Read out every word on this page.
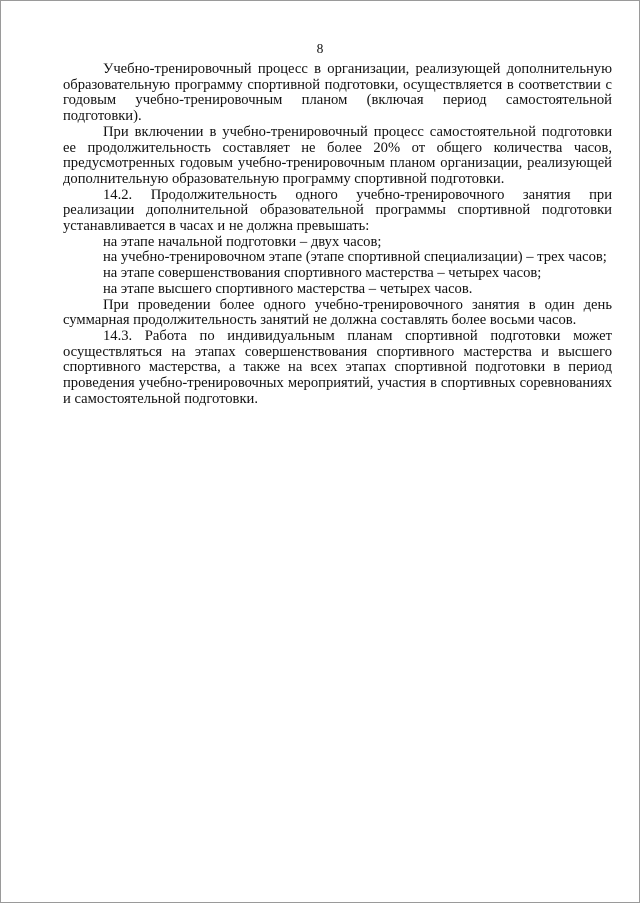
8

Учебно-тренировочный процесс в организации, реализующей дополнительную образовательную программу спортивной подготовки, осуществляется в соответствии с годовым учебно-тренировочным планом (включая период самостоятельной подготовки).

При включении в учебно-тренировочный процесс самостоятельной подготовки ее продолжительность составляет не более 20% от общего количества часов, предусмотренных годовым учебно-тренировочным планом организации, реализующей дополнительную образовательную программу спортивной подготовки.

14.2. Продолжительность одного учебно-тренировочного занятия при реализации дополнительной образовательной программы спортивной подготовки устанавливается в часах и не должна превышать:

на этапе начальной подготовки – двух часов;

на учебно-тренировочном этапе (этапе спортивной специализации) – трех часов;

на этапе совершенствования спортивного мастерства – четырех часов;

на этапе высшего спортивного мастерства – четырех часов.

При проведении более одного учебно-тренировочного занятия в один день суммарная продолжительность занятий не должна составлять более восьми часов.

14.3. Работа по индивидуальным планам спортивной подготовки может осуществляться на этапах совершенствования спортивного мастерства и высшего спортивного мастерства, а также на всех этапах спортивной подготовки в период проведения учебно-тренировочных мероприятий, участия в спортивных соревнованиях и самостоятельной подготовки.
